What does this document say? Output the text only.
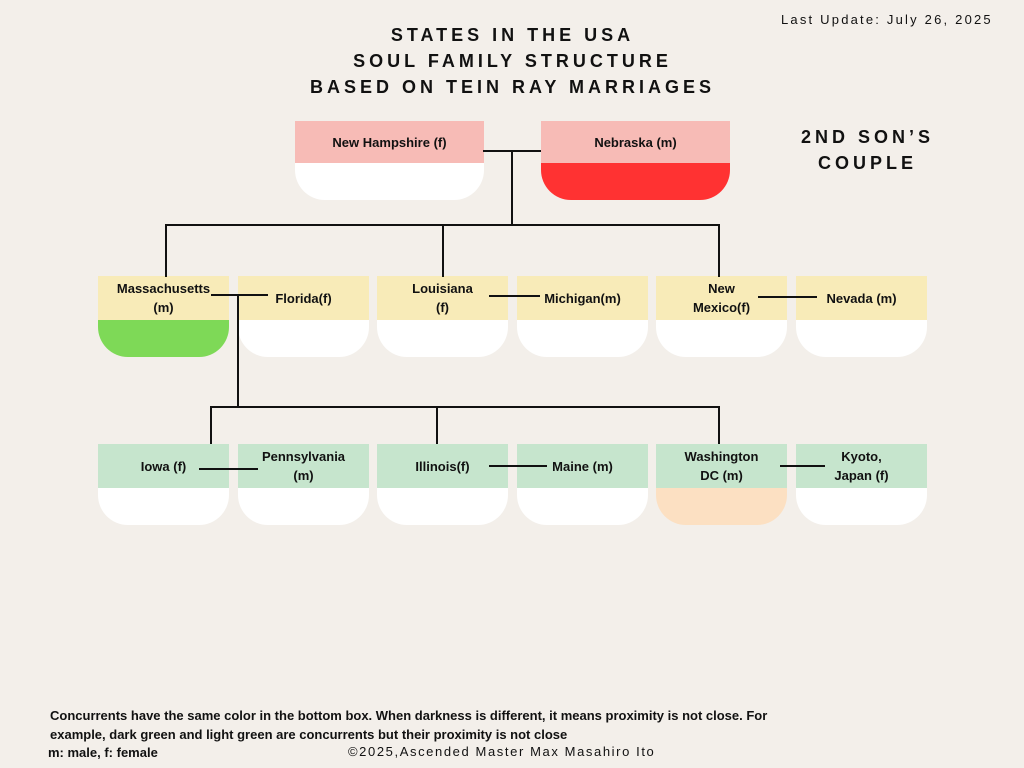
STATES IN THE USA
SOUL FAMILY STRUCTURE
BASED ON TEIN RAY MARRIAGES
Last Update: July 26, 2025
2ND SON’S
COUPLE
New Hampshire (f)	Nebraska (m)
Massachusetts
(m)
Florida(f)
Louisiana
(f)
Michigan(m)
New
Mexico(f)
Nevada (m)
Iowa (f)
Pennsylvania
(m)
Illinois(f)	Maine (m)
Washington
DC (m)
Kyoto,
Japan (f)
Concurrents have the same color in the bottom box. When darkness is different, it means proximity is not close. For example, dark green and light green are concurrents but their proximity is not close
m: male, f: female	©2025,Ascended Master Max Masahiro Ito
